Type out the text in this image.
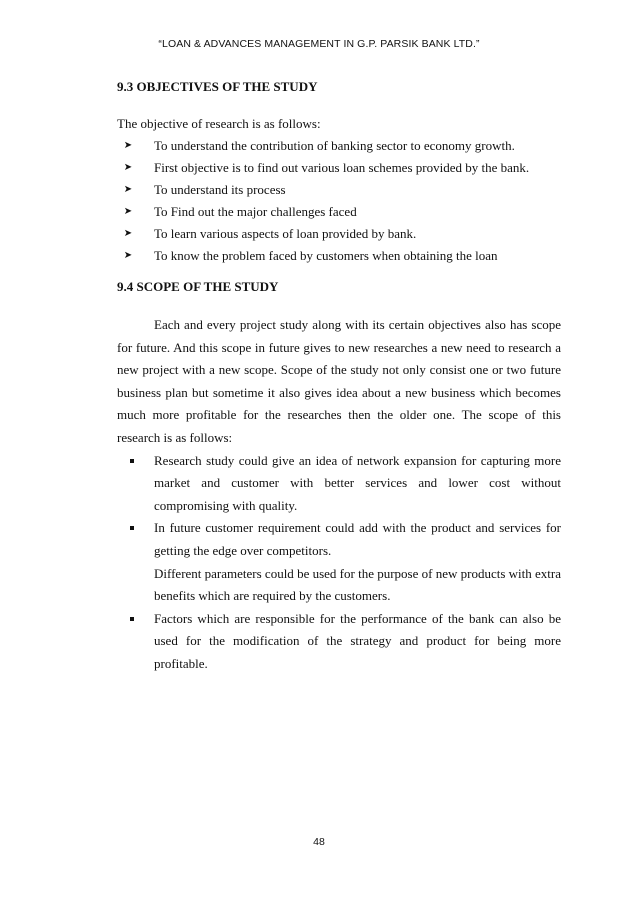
“LOAN & ADVANCES MANAGEMENT IN G.P. PARSIK BANK LTD.”
9.3 OBJECTIVES OF THE STUDY
The objective of research is as follows:
➤ To understand the contribution of banking sector to economy growth.
➤ First objective is to find out various loan schemes provided by the bank.
➤ To understand its process
➤ To Find out the major challenges faced
➤ To learn various aspects of loan provided by bank.
➤ To know the problem faced by customers when obtaining the loan
9.4 SCOPE OF THE STUDY

Each and every project study along with its certain objectives also has scope for future. And this scope in future gives to new researches a new need to research a new project with a new scope. Scope of the study not only consist one or two future business plan but sometime it also gives idea about a new business which becomes much more profitable for the researches then the older one. The scope of this research is as follows:

Research study could give an idea of network expansion for capturing more market and customer with better services and lower cost without compromising with quality.

In future customer requirement could add with the product and services for getting the edge over competitors.

Different parameters could be used for the purpose of new products with extra benefits which are required by the customers.

Factors which are responsible for the performance of the bank can also be used for the modification of the strategy and product for being more profitable.

48
